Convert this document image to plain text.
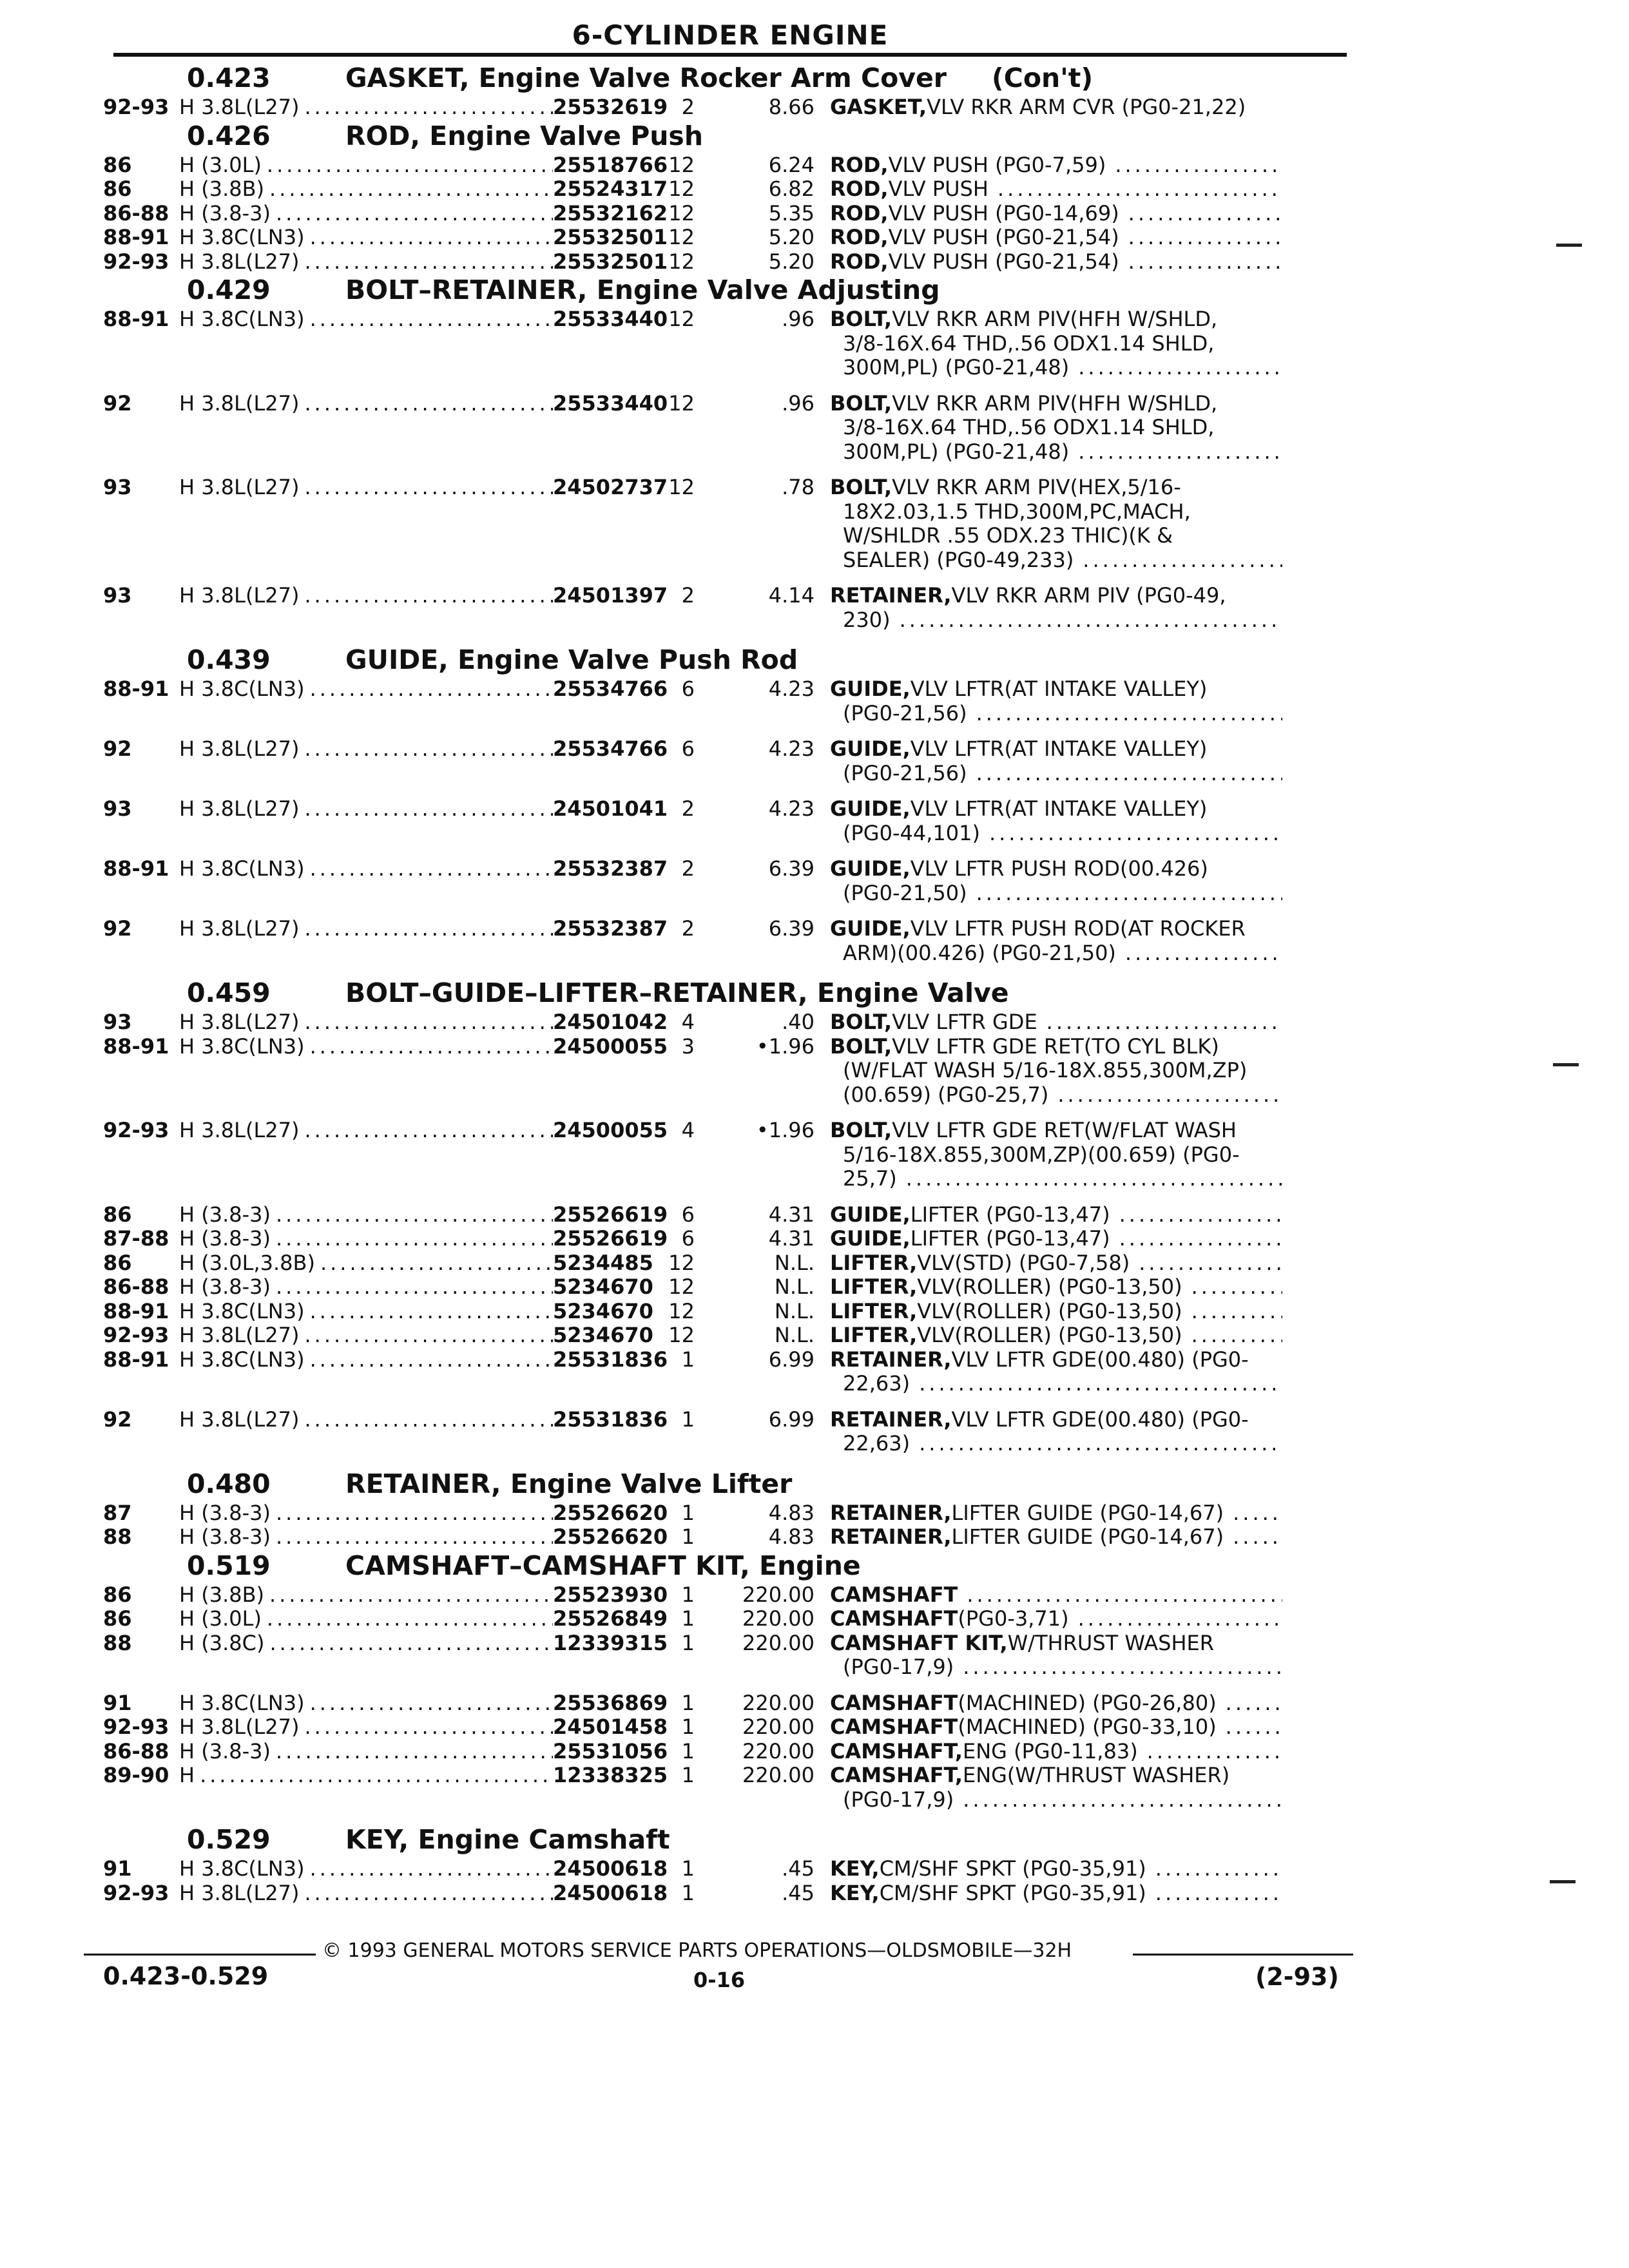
6-CYLINDER ENGINE
0.423	GASKET, Engine Valve Rocker Arm Cover (Con't)
92-93 H 3.8L(L27) .....	25532619 2	8.66 GASKET, VLV RKR ARM CVR (PG0-21,22)
0.426	ROD, Engine Valve Push
86	H (3.0L) .....	25518766 12	6.24 ROD, VLV PUSH (PG0-7,59)
.....
86	H (3.8B) .....	25524317 12	6.82 ROD, VLV PUSH
.....
86-88 H (3.8-3) .....	25532162 12	5.35 ROD, VLV PUSH (PG0-14,69)
.....
88-91 H 3.8C(LN3) .....	25532501 12	5.20 ROD, VLV PUSH (PG0-21,54)
.....
92-93 H 3.8L(L27) .....	25532501 12	5.20 ROD, VLV PUSH (PG0-21,54)
.....
0.429	BOLT–RETAINER, Engine Valve Adjusting
88-91 H 3.8C(LN3) .....	25533440 12	.96 BOLT, VLV RKR ARM PIV(HFH W/SHLD,
3/8-16X.64 THD,.56 ODX1.14 SHLD,
300M,PL) (PG0-21,48)
.....
92	H 3.8L(L27) .....	25533440 12	.96 BOLT, VLV RKR ARM PIV(HFH W/SHLD,
3/8-16X.64 THD,.56 ODX1.14 SHLD,
300M,PL) (PG0-21,48)
.....
93	H 3.8L(L27) .....	24502737 12	.78 BOLT, VLV RKR ARM PIV(HEX,5/16-
18X2.03,1.5 THD,300M,PC,MACH,
W/SHLDR .55 ODX.23 THIC)(K &
SEALER) (PG0-49,233)
.....
93	H 3.8L(L27) .....	24501397 2	4.14 RETAINER, VLV RKR ARM PIV (PG0-49,
230)
.....
0.439	GUIDE, Engine Valve Push Rod
88-91 H 3.8C(LN3) .....	25534766 6	4.23 GUIDE, VLV LFTR(AT INTAKE VALLEY)
(PG0-21,56)
.....
92	H 3.8L(L27) .....	25534766 6	4.23 GUIDE, VLV LFTR(AT INTAKE VALLEY)
(PG0-21,56)
.....
93	H 3.8L(L27) .....	24501041 2	4.23 GUIDE, VLV LFTR(AT INTAKE VALLEY)
(PG0-44,101)
.....
88-91 H 3.8C(LN3) .....	25532387 2	6.39 GUIDE, VLV LFTR PUSH ROD(00.426)
(PG0-21,50)
.....
92	H 3.8L(L27) .....	25532387 2	6.39 GUIDE, VLV LFTR PUSH ROD(AT ROCKER
ARM)(00.426) (PG0-21,50)
.....
0.459	BOLT–GUIDE–LIFTER–RETAINER, Engine Valve
93	H 3.8L(L27) .....	24501042 4	.40 BOLT, VLV LFTR GDE
.....
88-91 H 3.8C(LN3) .....	24500055 3	•1.96 BOLT, VLV LFTR GDE RET(TO CYL BLK)
(W/FLAT WASH 5/16-18X.855,300M,ZP)
(00.659) (PG0-25,7)
.....
92-93 H 3.8L(L27) .....	24500055 4	•1.96 BOLT, VLV LFTR GDE RET(W/FLAT WASH
5/16-18X.855,300M,ZP)(00.659) (PG0-
25,7)
.....
86	H (3.8-3) .....	25526619 6	4.31 GUIDE, LIFTER (PG0-13,47)
.....
87-88 H (3.8-3) .....	25526619 6	4.31 GUIDE, LIFTER (PG0-13,47)
.....
86	H (3.0L,3.8B) .....	5234485 12	N.L. LIFTER, VLV(STD) (PG0-7,58)
.....
86-88 H (3.8-3) .....	5234670 12	N.L. LIFTER, VLV(ROLLER) (PG0-13,50)
.....
88-91 H 3.8C(LN3) .....	5234670 12	N.L. LIFTER, VLV(ROLLER) (PG0-13,50)
.....
92-93 H 3.8L(L27) .....	5234670 12	N.L. LIFTER, VLV(ROLLER) (PG0-13,50)
.....
88-91 H 3.8C(LN3) .....	25531836 1	6.99 RETAINER, VLV LFTR GDE(00.480) (PG0-
22,63)
.....
92	H 3.8L(L27) .....	25531836 1	6.99 RETAINER, VLV LFTR GDE(00.480) (PG0-
22,63)
.....
0.480	RETAINER, Engine Valve Lifter
87	H (3.8-3) .....	25526620 1	4.83 RETAINER, LIFTER GUIDE (PG0-14,67)
.....
88	H (3.8-3) .....	25526620 1	4.83 RETAINER, LIFTER GUIDE (PG0-14,67)
.....
0.519	CAMSHAFT–CAMSHAFT KIT, Engine
86	H (3.8B) .....	25523930 1	220.00 CAMSHAFT
.....
86	H (3.0L) .....	25526849 1	220.00 CAMSHAFT (PG0-3,71)
.....
88	H (3.8C) .....	12339315 1	220.00 CAMSHAFT KIT, W/THRUST WASHER
(PG0-17,9)
.....
91	H 3.8C(LN3) .....	25536869 1	220.00 CAMSHAFT (MACHINED) (PG0-26,80)
.....
92-93 H 3.8L(L27) .....	24501458 1	220.00 CAMSHAFT (MACHINED) (PG0-33,10)
.....
86-88 H (3.8-3) .....	25531056 1	220.00 CAMSHAFT, ENG (PG0-11,83)
.....
89-90 H .....	12338325 1	220.00 CAMSHAFT, ENG(W/THRUST WASHER)
(PG0-17,9)
.....
0.529	KEY, Engine Camshaft
91	H 3.8C(LN3) .....	24500618 1	.45 KEY, CM/SHF SPKT (PG0-35,91)
.....
92-93 H 3.8L(L27) .....	24500618 1	.45 KEY, CM/SHF SPKT (PG0-35,91)
.....
© 1993 GENERAL MOTORS SERVICE PARTS OPERATIONS—OLDSMOBILE—32H
0.423-0.529	0-16	(2-93)
